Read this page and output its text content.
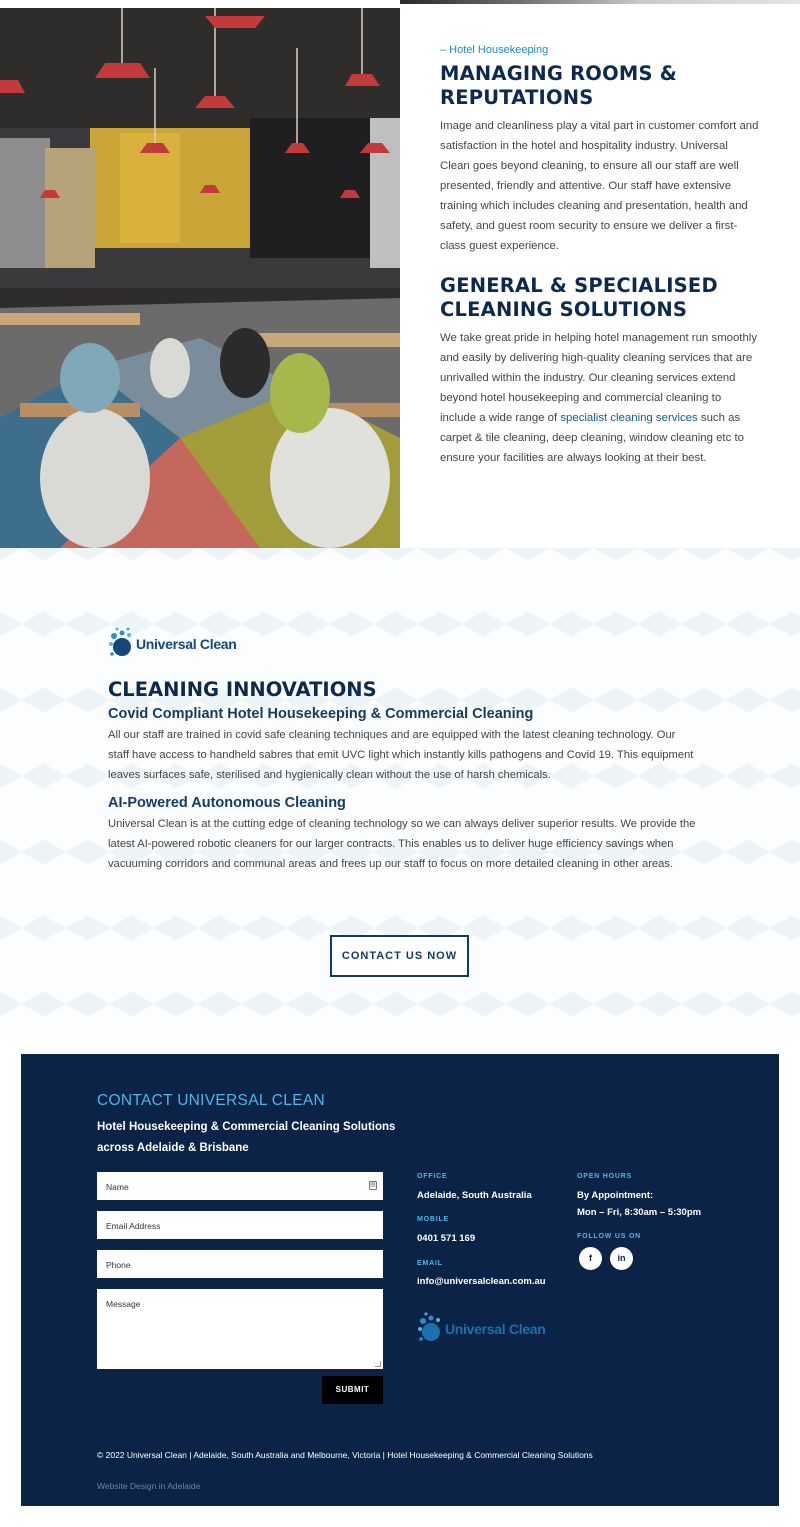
– Hotel Housekeeping
MANAGING ROOMS &
REPUTATIONS

Image and cleanliness play a vital part in customer comfort and satisfaction in the hotel and hospitality industry. Universal Clean goes beyond cleaning, to ensure all our staff are well presented, friendly and attentive. Our staff have extensive training which includes cleaning and presentation, health and safety, and guest room security to ensure we deliver a first-class guest experience.

GENERAL & SPECIALISED
CLEANING SOLUTIONS

We take great pride in helping hotel management run smoothly and easily by delivering high-quality cleaning services that are unrivalled within the industry. Our cleaning services extend beyond hotel housekeeping and commercial cleaning to include a wide range of specialist cleaning services such as carpet & tile cleaning, deep cleaning, window cleaning etc to ensure your facilities are always looking at their best.

Universal Clean
CLEANING INNOVATIONS
Covid Compliant Hotel Housekeeping & Commercial Cleaning

All our staff are trained in covid safe cleaning techniques and are equipped with the latest cleaning technology. Our staff have access to handheld sabres that emit UVC light which instantly kills pathogens and Covid 19. This equipment leaves surfaces safe, sterilised and hygienically clean without the use of harsh chemicals.

AI-Powered Autonomous Cleaning

Universal Clean is at the cutting edge of cleaning technology so we can always deliver superior results. We provide the latest AI-powered robotic cleaners for our larger contracts. This enables us to deliver huge efficiency savings when vacuuming corridors and communal areas and frees up our staff to focus on more detailed cleaning in other areas.

CONTACT US NOW
CONTACT UNIVERSAL CLEAN
Hotel Housekeeping & Commercial Cleaning Solutions across Adelaide & Brisbane
Name	▤
Email Address
Phone
Message
SUBMIT
OFFICE
Adelaide, South Australia
MOBILE
0401 571 169
EMAIL
info@universalclean.com.au
OPEN HOURS
By Appointment:
Mon – Fri, 8:30am – 5:30pm
FOLLOW US ON
f	in
Universal Clean
© 2022 Universal Clean | Adelaide, South Australia and Melbourne, Victoria | Hotel Housekeeping & Commercial Cleaning Solutions
Website Design in Adelaide
